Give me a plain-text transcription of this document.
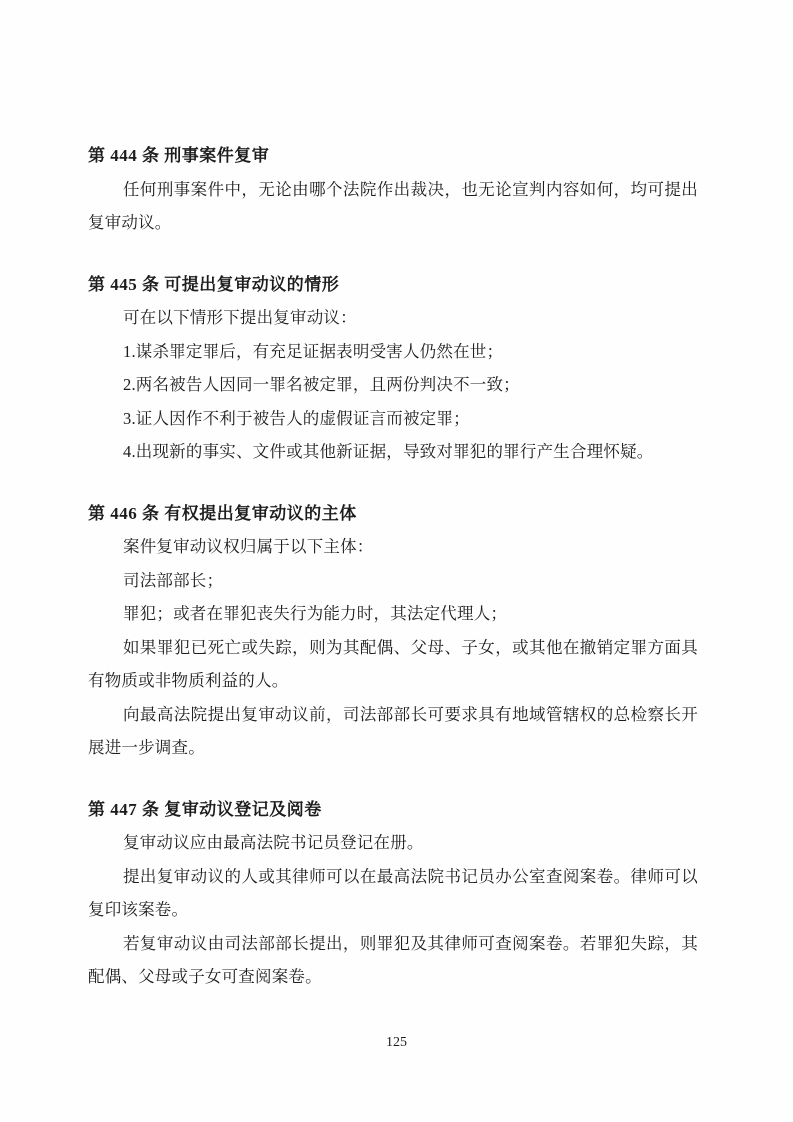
第 444 条 刑事案件复审

任何刑事案件中，无论由哪个法院作出裁决，也无论宣判内容如何，均可提出复审动议。

第 445 条 可提出复审动议的情形

可在以下情形下提出复审动议：

1.谋杀罪定罪后，有充足证据表明受害人仍然在世；

2.两名被告人因同一罪名被定罪，且两份判决不一致；

3.证人因作不利于被告人的虚假证言而被定罪；

4.出现新的事实、文件或其他新证据，导致对罪犯的罪行产生合理怀疑。

第 446 条 有权提出复审动议的主体

案件复审动议权归属于以下主体：

司法部部长；

罪犯；或者在罪犯丧失行为能力时，其法定代理人；

如果罪犯已死亡或失踪，则为其配偶、父母、子女，或其他在撤销定罪方面具有物质或非物质利益的人。

向最高法院提出复审动议前，司法部部长可要求具有地域管辖权的总检察长开展进一步调查。

第 447 条 复审动议登记及阅卷

复审动议应由最高法院书记员登记在册。

提出复审动议的人或其律师可以在最高法院书记员办公室查阅案卷。律师可以复印该案卷。

若复审动议由司法部部长提出，则罪犯及其律师可查阅案卷。若罪犯失踪，其配偶、父母或子女可查阅案卷。

125
